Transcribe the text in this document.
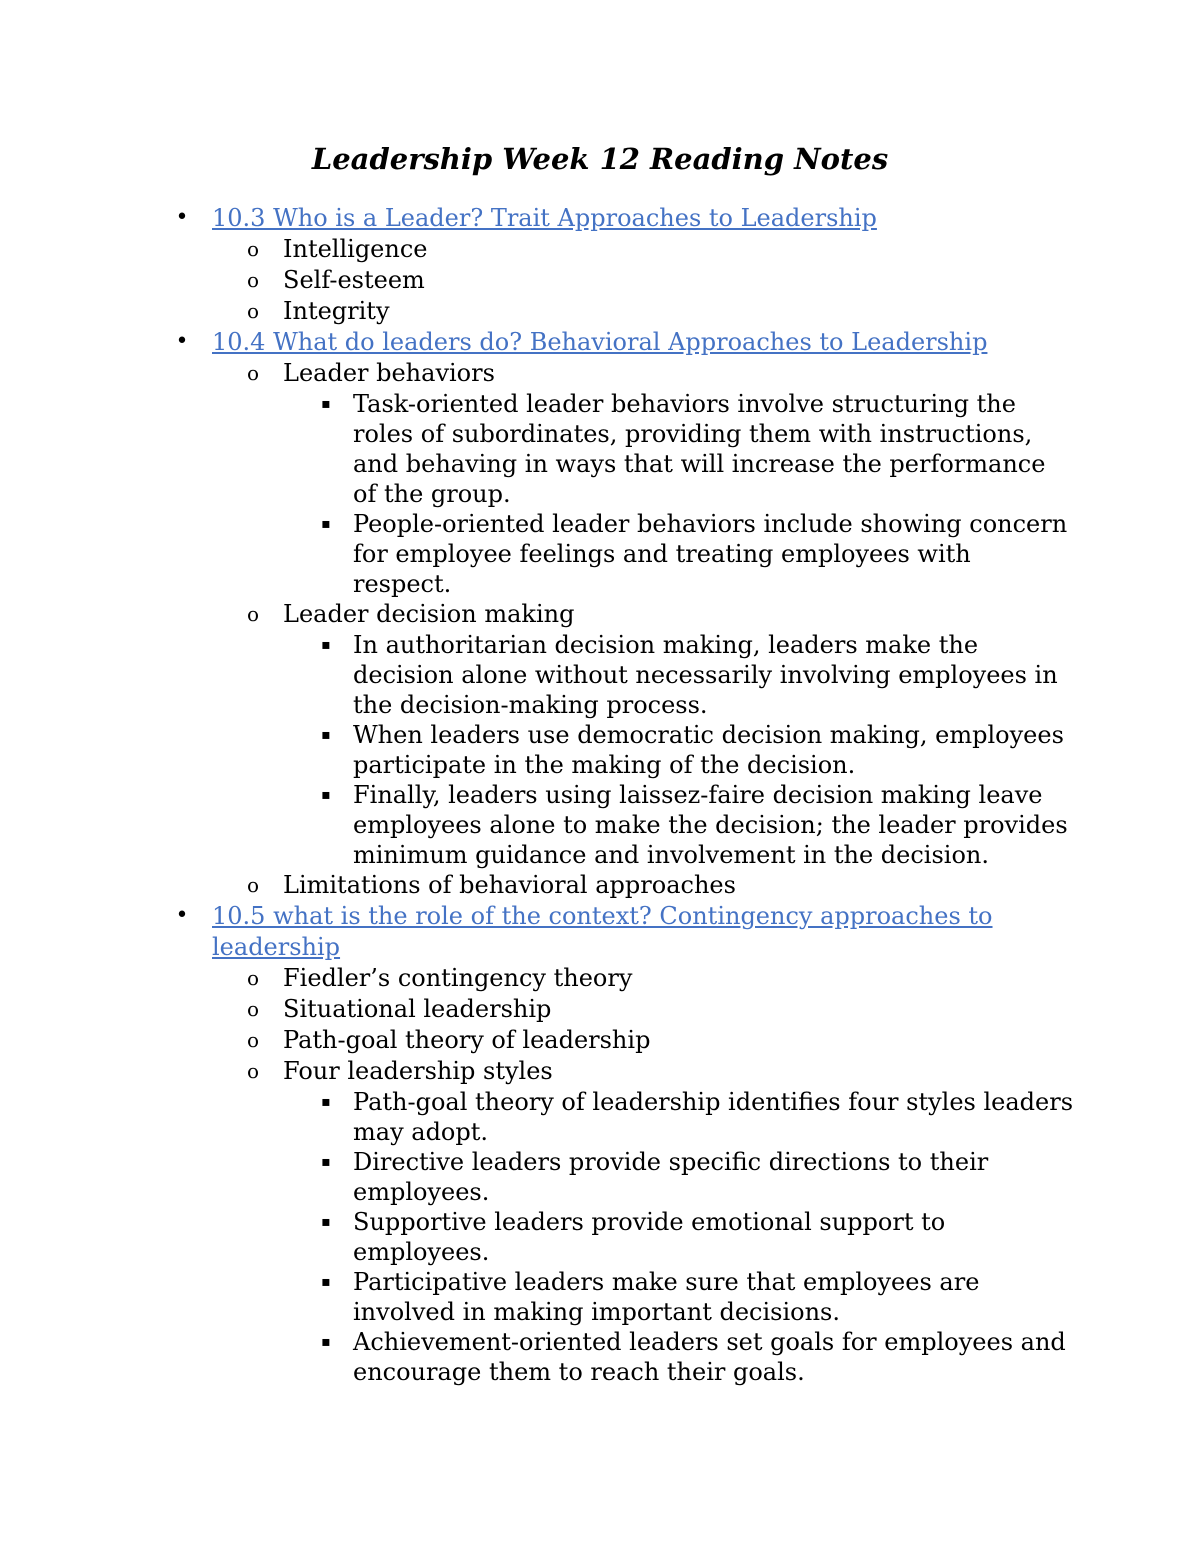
Leadership Week 12 Reading Notes
• 10.3 Who is a Leader? Trait Approaches to Leadership
o Intelligence
o Self-esteem
o Integrity
• 10.4 What do leaders do? Behavioral Approaches to Leadership
o Leader behaviors
▪ Task-oriented leader behaviors involve structuring the roles of subordinates, providing them with instructions, and behaving in ways that will increase the performance of the group.
▪ People-oriented leader behaviors include showing concern for employee feelings and treating employees with respect.
o Leader decision making
▪ In authoritarian decision making, leaders make the decision alone without necessarily involving employees in the decision-making process.
▪ When leaders use democratic decision making, employees participate in the making of the decision.
▪ Finally, leaders using laissez-faire decision making leave employees alone to make the decision; the leader provides minimum guidance and involvement in the decision.
o Limitations of behavioral approaches
• 10.5 what is the role of the context? Contingency approaches to
leadership
o Fiedler’s contingency theory
o Situational leadership
o Path-goal theory of leadership
o Four leadership styles
▪ Path-goal theory of leadership identifies four styles leaders may adopt.
▪ Directive leaders provide specific directions to their employees.
▪ Supportive leaders provide emotional support to employees.
▪ Participative leaders make sure that employees are involved in making important decisions.
▪ Achievement-oriented leaders set goals for employees and encourage them to reach their goals.
